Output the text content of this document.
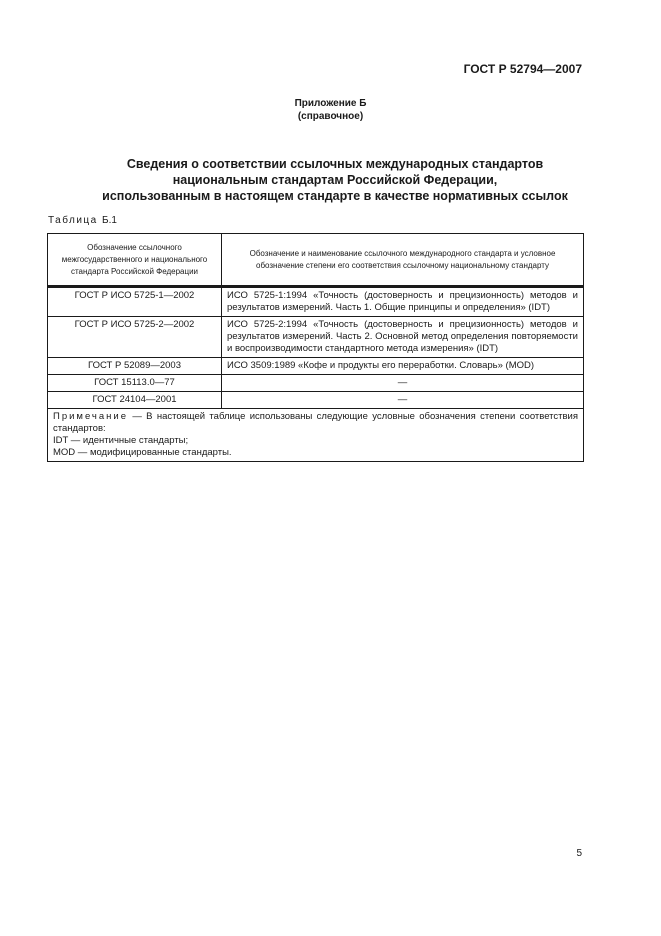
ГОСТ Р 52794—2007
Приложение Б
(справочное)
Сведения о соответствии ссылочных международных стандартов
национальным стандартам Российской Федерации,
использованным в настоящем стандарте в качестве нормативных ссылок
Таблица Б.1
Обозначение ссылочного межгосударственного и национального стандарта Российской Федерации	Обозначение и наименование ссылочного международного стандарта и условное обозначение степени его соответствия ссылочному национальному стандарту

ГОСТ Р ИСО 5725-1—2002	ИСО 5725-1:1994 «Точность (достоверность и прецизионность) методов и результатов измерений. Часть 1. Общие принципы и определения» (IDT)
ГОСТ Р ИСО 5725-2—2002	ИСО 5725-2:1994 «Точность (достоверность и прецизионность) методов и результатов измерений. Часть 2. Основной метод определения повторяемости и воспроизводимости стандартного метода измерения» (IDT)
ГОСТ Р 52089—2003	ИСО 3509:1989 «Кофе и продукты его переработки. Словарь» (MOD)
ГОСТ 15113.0—77	—
ГОСТ 24104—2001	—

Примечание — В настоящей таблице использованы следующие условные обозначения степени соответствия стандартов:
IDT — идентичные стандарты;
MOD — модифицированные стандарты.	
5
